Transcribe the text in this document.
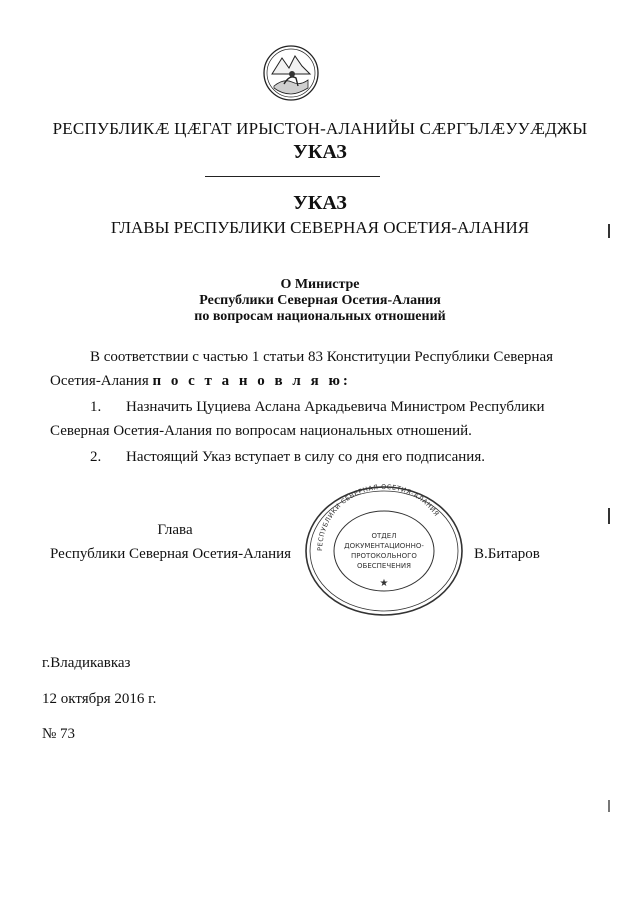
РЕСПУБЛИКӔ ЦӔГАТ ИРЫСТОН-АЛАНИЙЫ СӔРГЪЛӔУУӔДЖЫ
УКАЗ
УКАЗ
ГЛАВЫ РЕСПУБЛИКИ СЕВЕРНАЯ ОСЕТИЯ-АЛАНИЯ
О Министре
Республики Северная Осетия-Алания
по вопросам национальных отношений
В соответствии с частью 1 статьи 83 Конституции Республики Северная
Осетия-Алания п о с т а н о в л я ю:
1. Назначить Цуциева Аслана Аркадьевича Министром Республики
Северная Осетия-Алания по вопросам национальных отношений.
2. Настоящий Указ вступает в силу со дня его подписания.
Глава
Республики Северная Осетия-Алания	В.Битаров
РЕСПУБЛИКИ СЕВЕРНАЯ ОСЕТИЯ-АЛАНИЯ
ОТДЕЛ
ДОКУМЕНТАЦИОННО-
ПРОТОКОЛЬНОГО
ОБЕСПЕЧЕНИЯ
★
г.Владикавказ
12 октября 2016 г.
№ 73
